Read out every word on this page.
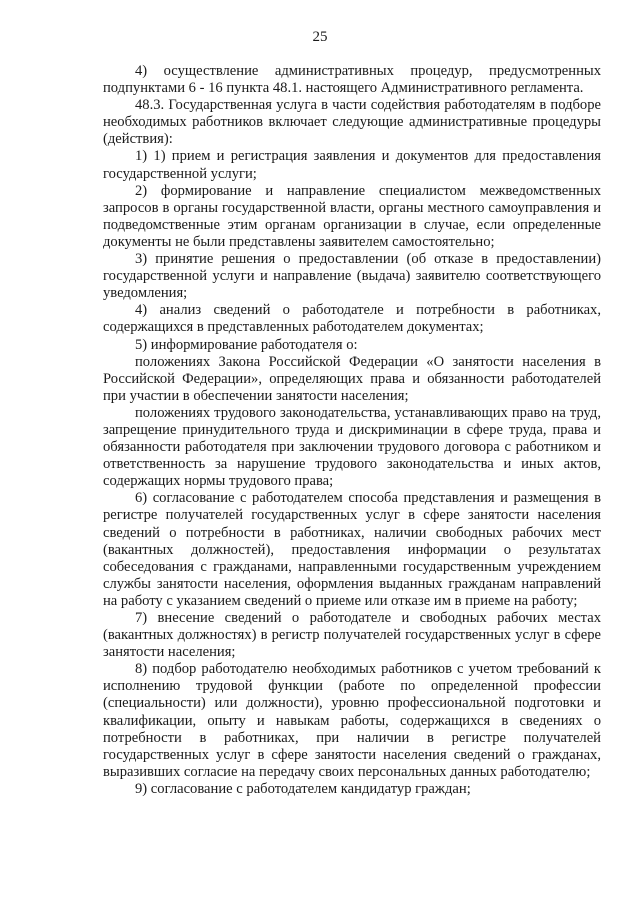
25

4) осуществление административных процедур, предусмотренных подпунктами 6 - 16 пункта 48.1. настоящего Административного регламента.

48.3. Государственная услуга в части содействия работодателям в подборе необходимых работников включает следующие административные процедуры (действия):

1) 1) прием и регистрация заявления и документов для предоставления государственной услуги;

2) формирование и направление специалистом межведомственных запросов в органы государственной власти, органы местного самоуправления и подведомственные этим органам организации в случае, если определенные документы не были представлены заявителем самостоятельно;

3) принятие решения о предоставлении (об отказе в предоставлении) государственной услуги и направление (выдача) заявителю соответствующего уведомления;

4) анализ сведений о работодателе и потребности в работниках, содержащихся в представленных работодателем документах;

5) информирование работодателя о:

положениях Закона Российской Федерации «О занятости населения в Российской Федерации», определяющих права и обязанности работодателей при участии в обеспечении занятости населения;

положениях трудового законодательства, устанавливающих право на труд, запрещение принудительного труда и дискриминации в сфере труда, права и обязанности работодателя при заключении трудового договора с работником и ответственность за нарушение трудового законодательства и иных актов, содержащих нормы трудового права;

6) согласование с работодателем способа представления и размещения в регистре получателей государственных услуг в сфере занятости населения сведений о потребности в работниках, наличии свободных рабочих мест (вакантных должностей), предоставления информации о результатах собеседования с гражданами, направленными государственным учреждением службы занятости населения, оформления выданных гражданам направлений на работу с указанием сведений о приеме или отказе им в приеме на работу;

7) внесение сведений о работодателе и свободных рабочих местах (вакантных должностях) в регистр получателей государственных услуг в сфере занятости населения;

8) подбор работодателю необходимых работников с учетом требований к исполнению трудовой функции (работе по определенной профессии (специальности) или должности), уровню профессиональной подготовки и квалификации, опыту и навыкам работы, содержащихся в сведениях о потребности в работниках, при наличии в регистре получателей государственных услуг в сфере занятости населения сведений о гражданах, выразивших согласие на передачу своих персональных данных работодателю;

9) согласование с работодателем кандидатур граждан;
